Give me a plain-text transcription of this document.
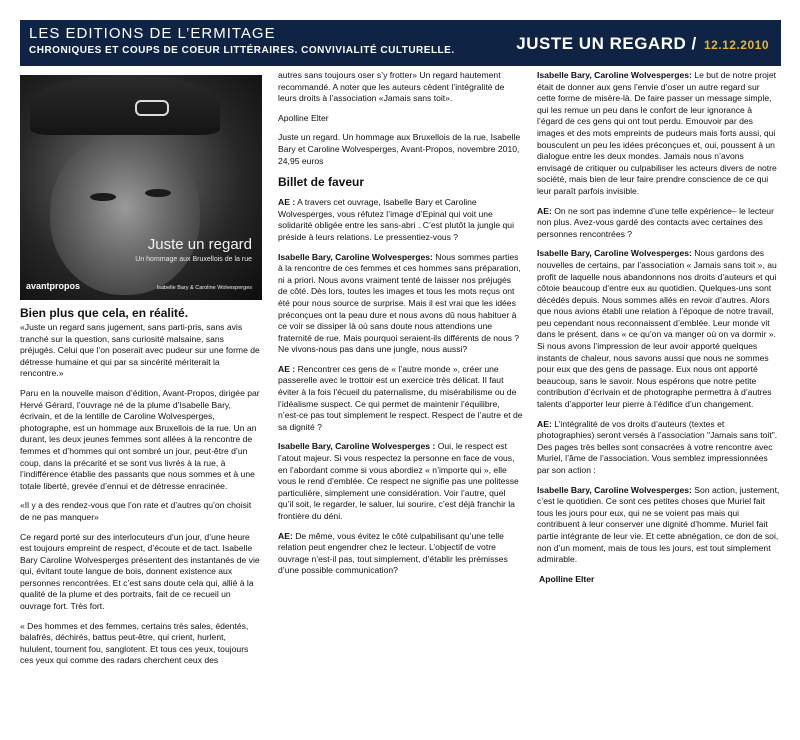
LES EDITIONS DE L’ERMITAGE
CHRONIQUES ET COUPS DE COEUR LITTÉRAIRES. CONVIVIALITÉ CULTURELLE.	JUSTE UN REGARD / 12.12.2010
Juste un regard
Un hommage aux Bruxellois de la rue
avantpropos	Isabelle Bary & Caroline Wolvesperges
Bien plus que cela, en réalité.

«Juste un regard sans jugement, sans parti-pris, sans avis tranché sur la question, sans curiosité malsaine, sans préjugés. Celui que l’on poserait avec pudeur sur une forme de détresse humaine et qui par sa sincérité mériterait la rencontre.»

Paru en la nouvelle maison d’édition, Avant-Propos, dirigée par Hervé Gérard, l’ouvrage né de la plume d’Isabelle Bary, écrivain, et de la lentille de Caroline Wolvesperges, photographe, est un hommage aux Bruxellois de la rue. Un an durant, les deux jeunes femmes sont allées à la rencontre de femmes et d’hommes qui ont sombré un jour, peut-être d’un coup, dans la précarité et se sont vus livrés à la rue, à l’indifférence établie des passants que nous sommes et à une totale liberté, grevée d’ennui et de détresse enracinée.

«Il y a des rendez-vous que l’on rate et d’autres qu’on choisit de ne pas manquer»

Ce regard porté sur des interlocuteurs d’un jour, d’une heure est toujours empreint de respect, d’écoute et de tact. Isabelle Bary Caroline Wolvesperges présentent des instantanés de vie qui, évitant toute langue de bois, donnent existence aux personnes rencontrées. Et c’est sans doute cela qui, allié à la qualité de la plume et des portraits, fait de ce recueil un ouvrage fort. Très fort.

« Des hommes et des femmes, certains très sales, édentés, balafrés, déchirés, battus peut-être, qui crient, hurlent, hululent, tournent fou, sanglotent. Et tous ces yeux, toujours ces yeux qui comme des radars cherchent ceux des

autres sans toujours oser s’y frotter» Un regard hautement recommandé. A noter que les auteurs cèdent l’intégralité de leurs droits à l’association «Jamais sans toit».

Apolline Elter

Juste un regard. Un hommage aux Bruxellois de la rue, Isabelle Bary et Caroline Wolvesperges, Avant-Propos, novembre 2010, 24,95 euros

Billet de faveur

AE : A travers cet ouvrage, Isabelle Bary et Caroline Wolvesperges, vous réfutez l’image d’Epinal qui voit une solidarité obligée entre les sans-abri . C’est plutôt la jungle qui préside à leurs relations. Le pressentiez-vous ?

Isabelle Bary, Caroline Wolvesperges: Nous sommes parties à la rencontre de ces femmes et ces hommes sans préparation, ni a priori. Nous avons vraiment tenté de laisser nos préjugés de côté. Dès lors, toutes les images et tous les mots reçus ont été pour nous source de surprise. Mais il est vrai que les idées préconçues ont la peau dure et nous avons dû nous habituer à ce voir se dissiper là où sans doute nous attendions une fraternité de rue. Mais pourquoi seraient-ils différents de nous ? Ne vivons-nous pas dans une jungle, nous aussi?

AE : Rencontrer ces gens de « l’autre monde », créer une passerelle avec le trottoir est un exercice très délicat. Il faut éviter à la fois l’écueil du paternalisme, du misérabilisme ou de l’idéalisme suspect. Ce qui permet de maintenir l’équilibre, n’est-ce pas tout simplement le respect. Respect de l’autre et de sa dignité ?

Isabelle Bary, Caroline Wolvesperges : Oui, le respect est l’atout majeur. Si vous respectez la personne en face de vous, en l’abordant comme si vous abordiez « n’importe qui », elle vous le rend d’emblée. Ce respect ne signifie pas une politesse particulière, simplement une considération. Voir l’autre, quel qu’il soit, le regarder, le saluer, lui sourire, c’est déjà franchir la frontière du déni.

AE: De même, vous évitez le côté culpabilisant qu’une telle relation peut engendrer chez le lecteur. L’objectif de votre ouvrage n’est-il pas, tout simplement, d’établir les prémisses d’une possible communication?

Isabelle Bary, Caroline Wolvesperges: Le but de notre projet était de donner aux gens l’envie d’oser un autre regard sur cette forme de misère-là. De faire passer un message simple, qui les remue un peu dans le confort de leur ignorance à l’égard de ces gens qui ont tout perdu. Emouvoir par des images et des mots empreints de pudeurs mais forts aussi, qui bousculent un peu les idées préconçues et, oui, poussent à un dialogue entre les deux mondes. Jamais nous n’avons envisagé de critiquer ou culpabiliser les acteurs divers de notre société, mais bien de leur faire prendre conscience de ce qui leur paraît parfois invisible.

AE: On ne sort pas indemne d’une telle expérience– le lecteur non plus. Avez-vous gardé des contacts avec certaines des personnes rencontrées ?

Isabelle Bary, Caroline Wolvesperges: Nous gardons des nouvelles de certains, par l’association « Jamais sans toit », au profit de laquelle nous abandonnons nos droits d’auteurs et qui côtoie beaucoup d’entre eux au quotidien. Quelques-uns sont décédés depuis. Nous sommes allés en revoir d’autres. Alors que nous avions établi une relation à l’époque de notre travail, peu cependant nous reconnaissent d’emblée. Leur monde vit dans le présent, dans « ce qu’on va manger où on va dormir ». Si nous avons l’impression de leur avoir apporté quelques instants de chaleur, nous savons aussi que nous ne sommes pour eux que des gens de passage. Eux nous ont apporté beaucoup, sans le savoir. Nous espérons que notre petite contribution d’écrivain et de photographe permettra à d’autres talents d’apporter leur pierre à l’édifice d’un changement.

AE: L’intégralité de vos droits d’auteurs (textes et photographies) seront versés à l’association "Jamais sans toit". Des pages très belles sont consacrées à votre rencontre avec Muriel, l’âme de l’association. Vous semblez impressionnées par son action :

Isabelle Bary, Caroline Wolvesperges: Son action, justement, c’est le quotidien. Ce sont ces petites choses que Muriel fait tous les jours pour eux, qui ne se voient pas mais qui contribuent à leur conserver une dignité d’homme. Muriel fait partie intégrante de leur vie. Et cette abnégation, ce don de soi, non d’un moment, mais de tous les jours, est tout simplement admirable.

Apolline Elter
